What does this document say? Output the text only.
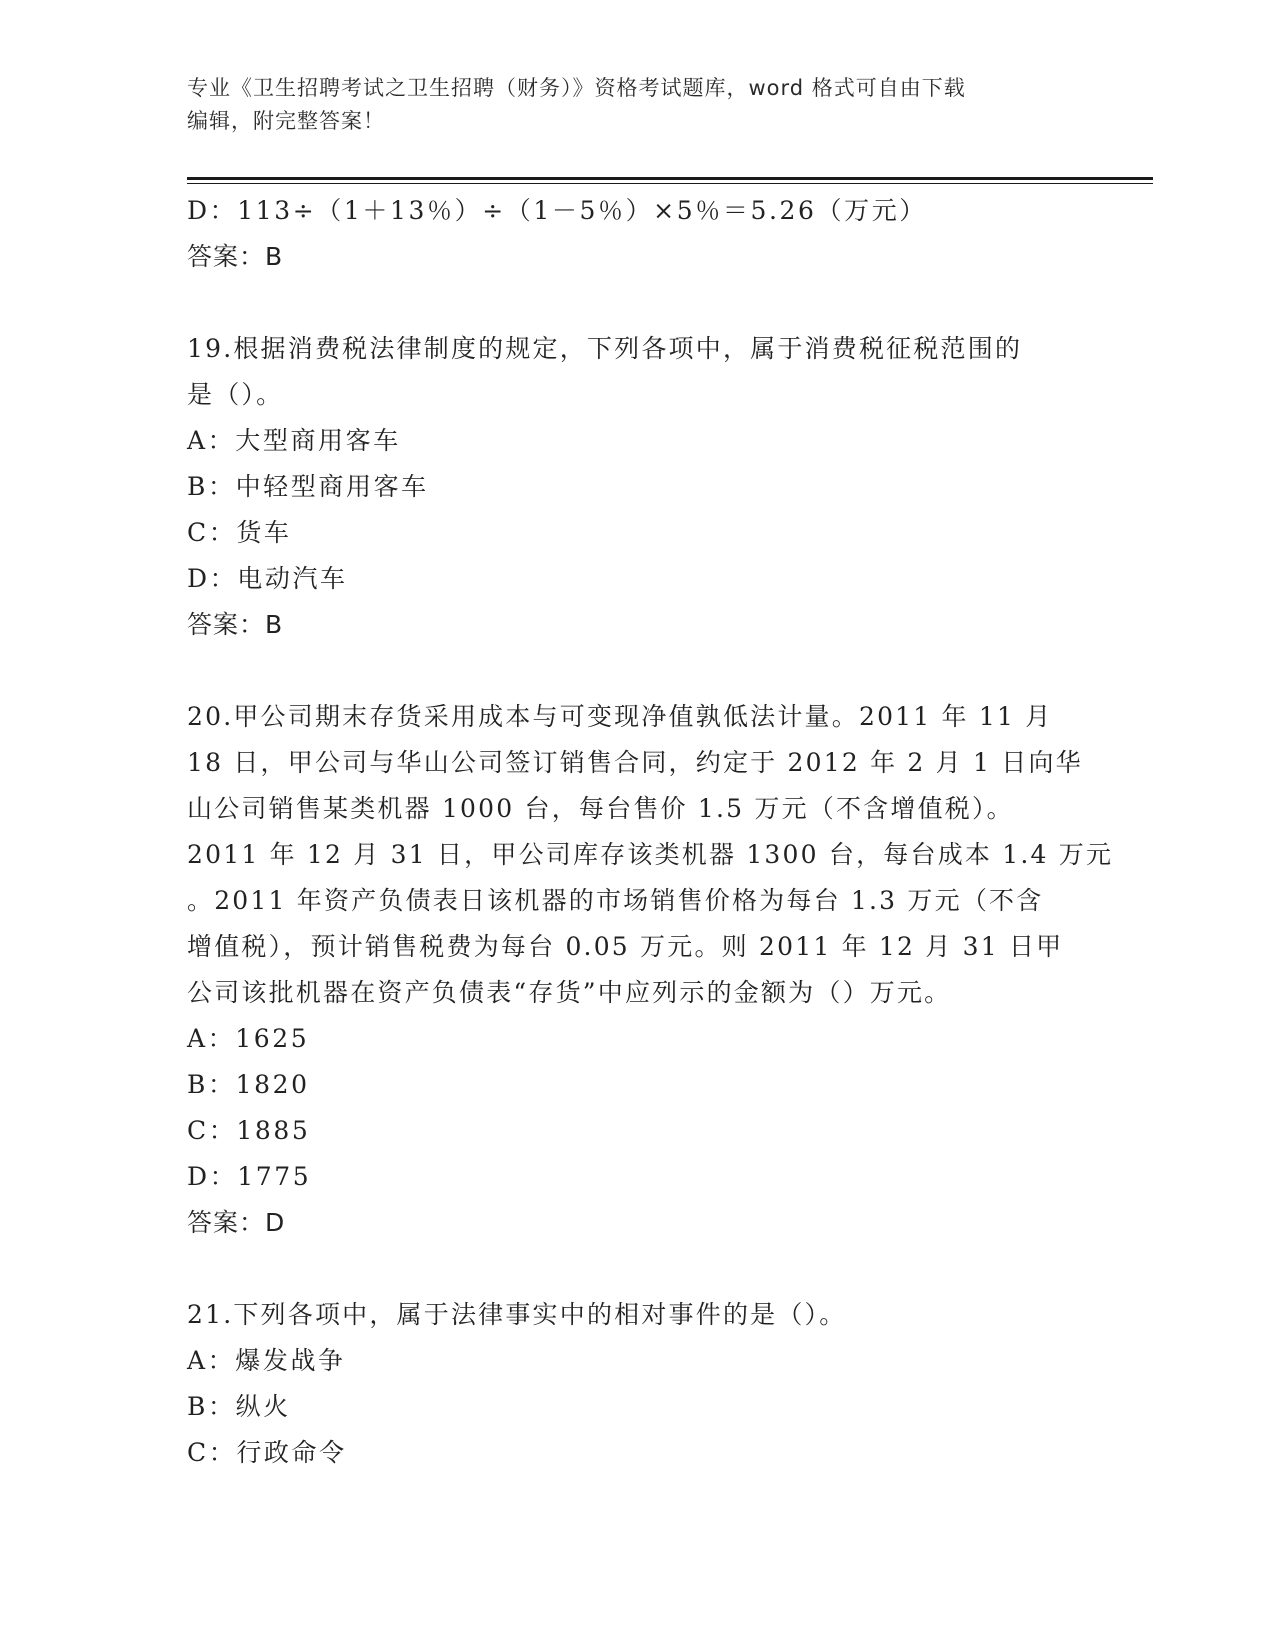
专业《卫生招聘考试之卫生招聘（财务）》资格考试题库，word 格式可自由下载
编辑，附完整答案！
D：113÷（1＋13％）÷（1－5％）×5％＝5.26（万元）
答案：B
19.根据消费税法律制度的规定，下列各项中，属于消费税征税范围的
是（）。
A：大型商用客车
B：中轻型商用客车
C：货车
D：电动汽车
答案：B
20.甲公司期末存货采用成本与可变现净值孰低法计量。2011 年 11 月
18 日，甲公司与华山公司签订销售合同，约定于 2012 年 2 月 1 日向华
山公司销售某类机器 1000 台，每台售价 1.5 万元（不含增值税）。
2011 年 12 月 31 日，甲公司库存该类机器 1300 台，每台成本 1.4 万元
。2011 年资产负债表日该机器的市场销售价格为每台 1.3 万元（不含
增值税），预计销售税费为每台 0.05 万元。则 2011 年 12 月 31 日甲
公司该批机器在资产负债表“存货”中应列示的金额为（）万元。
A：1625
B：1820
C：1885
D：1775
答案：D
21.下列各项中，属于法律事实中的相对事件的是（）。
A：爆发战争
B：纵火
C：行政命令
